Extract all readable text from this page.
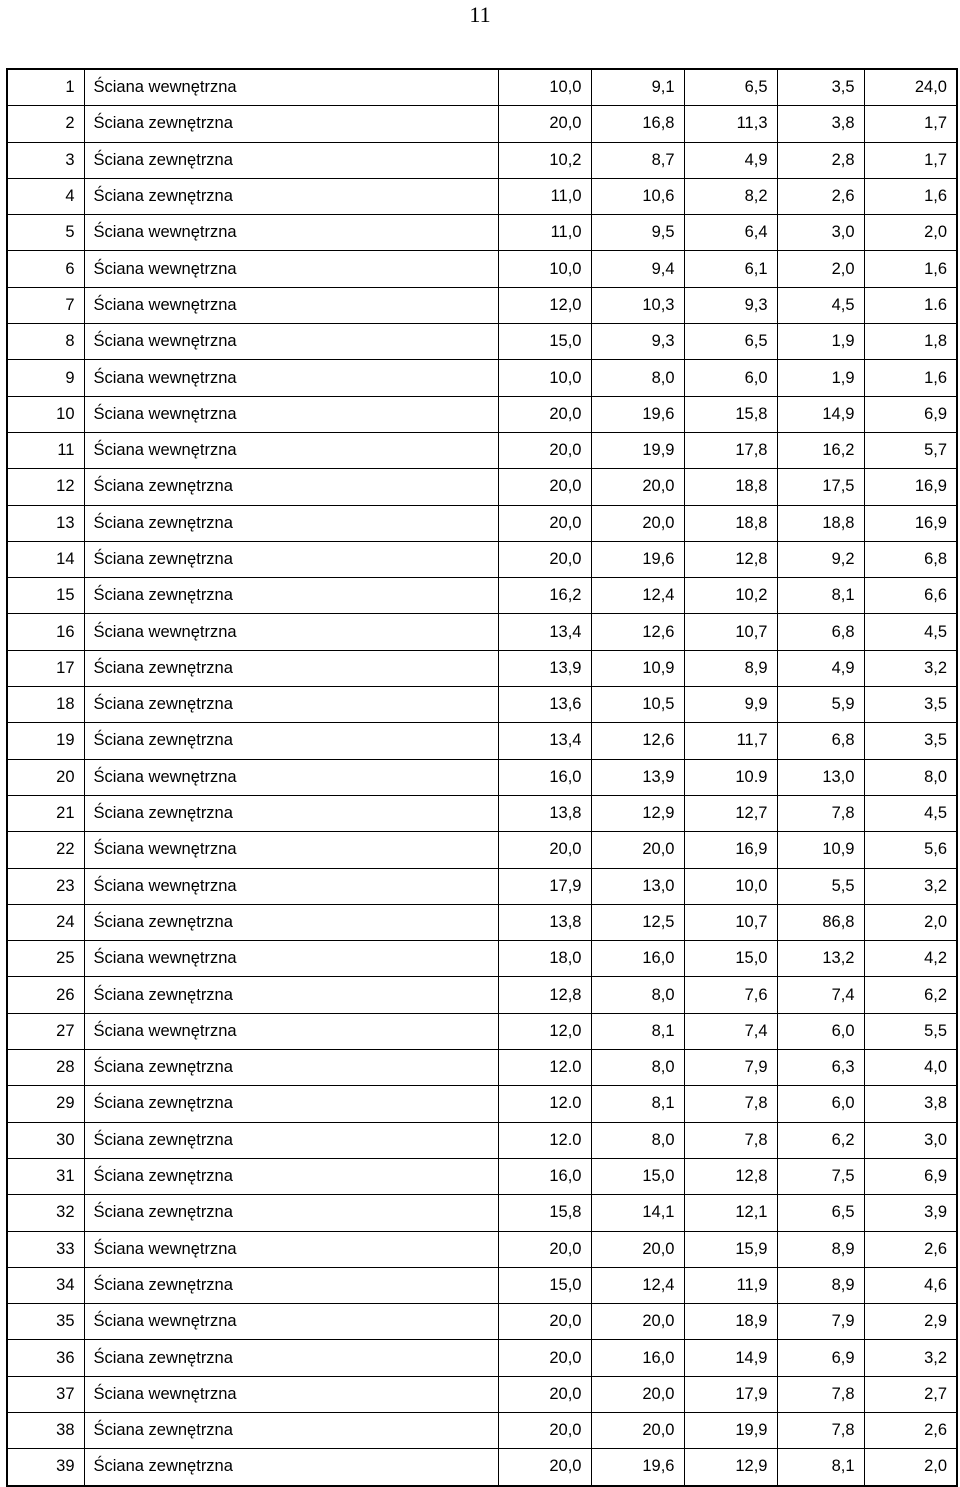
11
1	Ściana wewnętrzna	10,0	9,1	6,5	3,5	24,0
2	Ściana zewnętrzna	20,0	16,8	11,3	3,8	1,7
3	Ściana zewnętrzna	10,2	8,7	4,9	2,8	1,7
4	Ściana zewnętrzna	11,0	10,6	8,2	2,6	1,6
5	Ściana wewnętrzna	11,0	9,5	6,4	3,0	2,0
6	Ściana wewnętrzna	10,0	9,4	6,1	2,0	1,6
7	Ściana wewnętrzna	12,0	10,3	9,3	4,5	1.6
8	Ściana wewnętrzna	15,0	9,3	6,5	1,9	1,8
9	Ściana wewnętrzna	10,0	8,0	6,0	1,9	1,6
10	Ściana wewnętrzna	20,0	19,6	15,8	14,9	6,9
11	Ściana wewnętrzna	20,0	19,9	17,8	16,2	5,7
12	Ściana zewnętrzna	20,0	20,0	18,8	17,5	16,9
13	Ściana zewnętrzna	20,0	20,0	18,8	18,8	16,9
14	Ściana zewnętrzna	20,0	19,6	12,8	9,2	6,8
15	Ściana zewnętrzna	16,2	12,4	10,2	8,1	6,6
16	Ściana wewnętrzna	13,4	12,6	10,7	6,8	4,5
17	Ściana zewnętrzna	13,9	10,9	8,9	4,9	3,2
18	Ściana zewnętrzna	13,6	10,5	9,9	5,9	3,5
19	Ściana zewnętrzna	13,4	12,6	11,7	6,8	3,5
20	Ściana wewnętrzna	16,0	13,9	10.9	13,0	8,0
21	Ściana zewnętrzna	13,8	12,9	12,7	7,8	4,5
22	Ściana wewnętrzna	20,0	20,0	16,9	10,9	5,6
23	Ściana wewnętrzna	17,9	13,0	10,0	5,5	3,2
24	Ściana zewnętrzna	13,8	12,5	10,7	86,8	2,0
25	Ściana wewnętrzna	18,0	16,0	15,0	13,2	4,2
26	Ściana zewnętrzna	12,8	8,0	7,6	7,4	6,2
27	Ściana wewnętrzna	12,0	8,1	7,4	6,0	5,5
28	Ściana zewnętrzna	12.0	8,0	7,9	6,3	4,0
29	Ściana zewnętrzna	12.0	8,1	7,8	6,0	3,8
30	Ściana zewnętrzna	12.0	8,0	7,8	6,2	3,0
31	Ściana zewnętrzna	16,0	15,0	12,8	7,5	6,9
32	Ściana zewnętrzna	15,8	14,1	12,1	6,5	3,9
33	Ściana wewnętrzna	20,0	20,0	15,9	8,9	2,6
34	Ściana zewnętrzna	15,0	12,4	11,9	8,9	4,6
35	Ściana wewnętrzna	20,0	20,0	18,9	7,9	2,9
36	Ściana zewnętrzna	20,0	16,0	14,9	6,9	3,2
37	Ściana wewnętrzna	20,0	20,0	17,9	7,8	2,7
38	Ściana zewnętrzna	20,0	20,0	19,9	7,8	2,6
39	Ściana zewnętrzna	20,0	19,6	12,9	8,1	2,0
